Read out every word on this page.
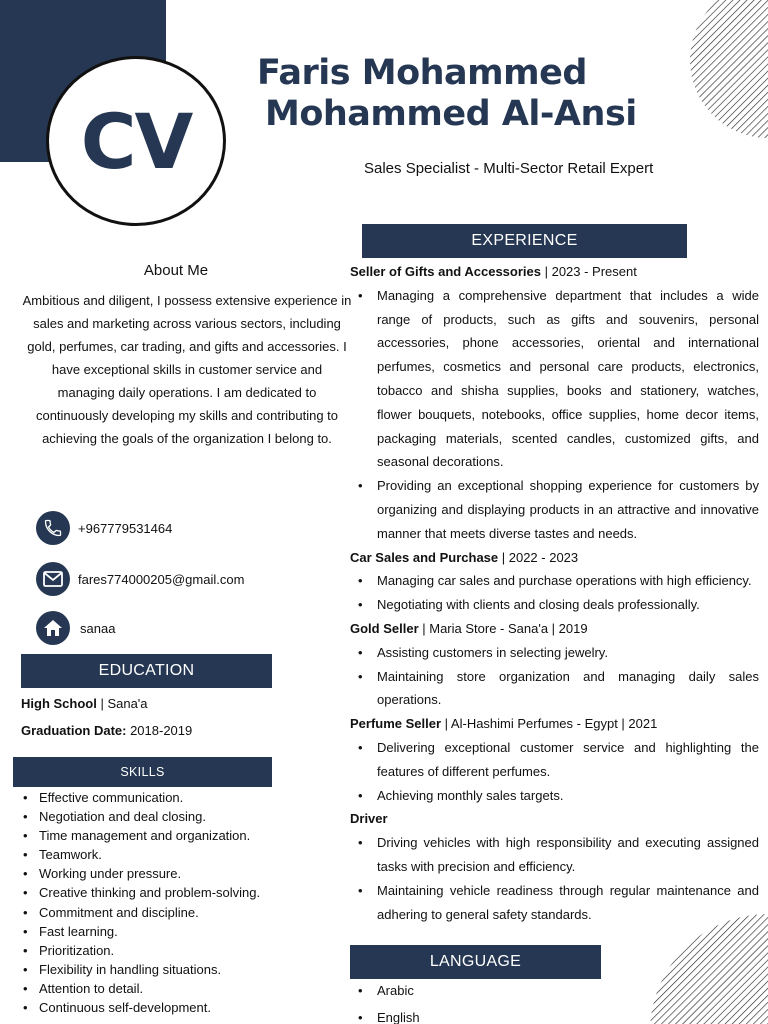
CV
Faris Mohammed
Mohammed Al-Ansi
Sales Specialist - Multi-Sector Retail Expert
About Me

Ambitious and diligent, I possess extensive experience in sales and marketing across various sectors, including gold, perfumes, car trading, and gifts and accessories. I have exceptional skills in customer service and managing daily operations. I am dedicated to continuously developing my skills and contributing to achieving the goals of the organization I belong to.

+967779531464
fares774000205@gmail.com
sanaa
EDUCATION
High School | Sana'a
Graduation Date: 2018-2019
SKILLS
• Effective communication.
• Negotiation and deal closing.
• Time management and organization.
• Teamwork.
• Working under pressure.
• Creative thinking and problem-solving.
• Commitment and discipline.
• Fast learning.
• Prioritization.
• Flexibility in handling situations.
• Attention to detail.
• Continuous self-development.
EXPERIENCE
Seller of Gifts and Accessories | 2023 - Present
• Managing a comprehensive department that includes a wide range of products, such as gifts and souvenirs, personal accessories, phone accessories, oriental and international perfumes, cosmetics and personal care products, electronics, tobacco and shisha supplies, books and stationery, watches, flower bouquets, notebooks, office supplies, home decor items, packaging materials, scented candles, customized gifts, and seasonal decorations.
• Providing an exceptional shopping experience for customers by organizing and displaying products in an attractive and innovative manner that meets diverse tastes and needs.
Car Sales and Purchase | 2022 - 2023
• Managing car sales and purchase operations with high efficiency.
• Negotiating with clients and closing deals professionally.
Gold Seller | Maria Store - Sana'a | 2019
• Assisting customers in selecting jewelry.
• Maintaining store organization and managing daily sales operations.
Perfume Seller | Al-Hashimi Perfumes - Egypt | 2021
• Delivering exceptional customer service and highlighting the features of different perfumes.
• Achieving monthly sales targets.
Driver
• Driving vehicles with high responsibility and executing assigned tasks with precision and efficiency.
• Maintaining vehicle readiness through regular maintenance and adhering to general safety standards.
LANGUAGE
• Arabic
• English
